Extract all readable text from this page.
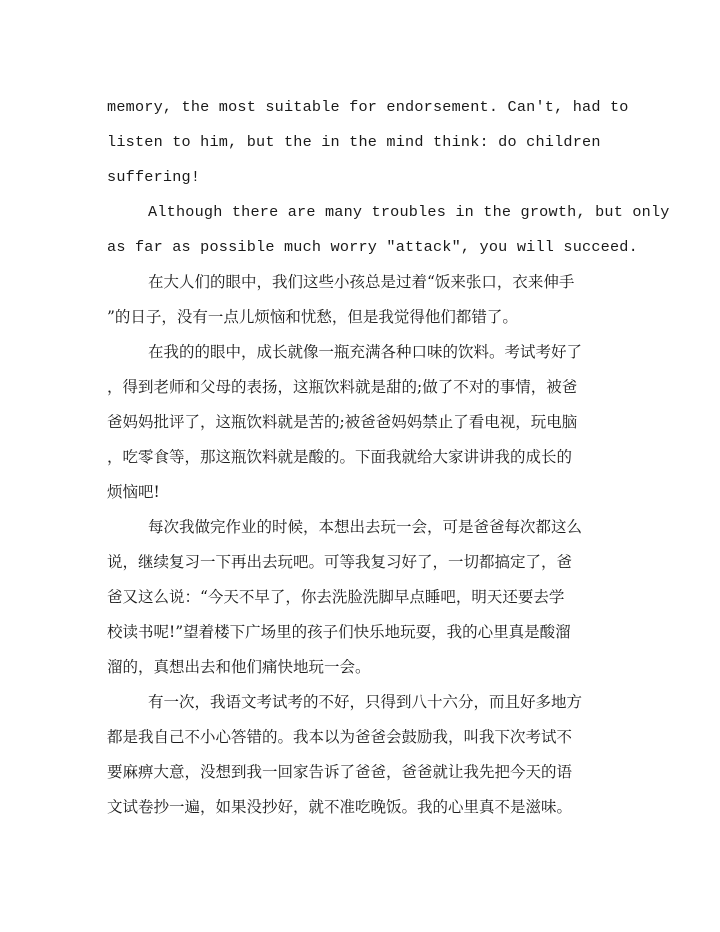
memory, the most suitable for endorsement. Can't, had to
listen to him, but the in the mind think: do children
suffering!
Although there are many troubles in the growth, but only
as far as possible much worry "attack", you will succeed.
在大人们的眼中，我们这些小孩总是过着“饭来张口，衣来伸手
”的日子，没有一点儿烦恼和忧愁，但是我觉得他们都错了。
在我的的眼中，成长就像一瓶充满各种口味的饮料。考试考好了
，得到老师和父母的表扬，这瓶饮料就是甜的;做了不对的事情，被爸
爸妈妈批评了，这瓶饮料就是苦的;被爸爸妈妈禁止了看电视，玩电脑
，吃零食等，那这瓶饮料就是酸的。下面我就给大家讲讲我的成长的
烦恼吧!
每次我做完作业的时候，本想出去玩一会，可是爸爸每次都这么
说，继续复习一下再出去玩吧。可等我复习好了，一切都搞定了，爸
爸又这么说：“今天不早了，你去洗脸洗脚早点睡吧，明天还要去学
校读书呢!”望着楼下广场里的孩子们快乐地玩耍，我的心里真是酸溜
溜的，真想出去和他们痛快地玩一会。
有一次，我语文考试考的不好，只得到八十六分，而且好多地方
都是我自己不小心答错的。我本以为爸爸会鼓励我，叫我下次考试不
要麻痹大意，没想到我一回家告诉了爸爸，爸爸就让我先把今天的语
文试卷抄一遍，如果没抄好，就不准吃晚饭。我的心里真不是滋味。
